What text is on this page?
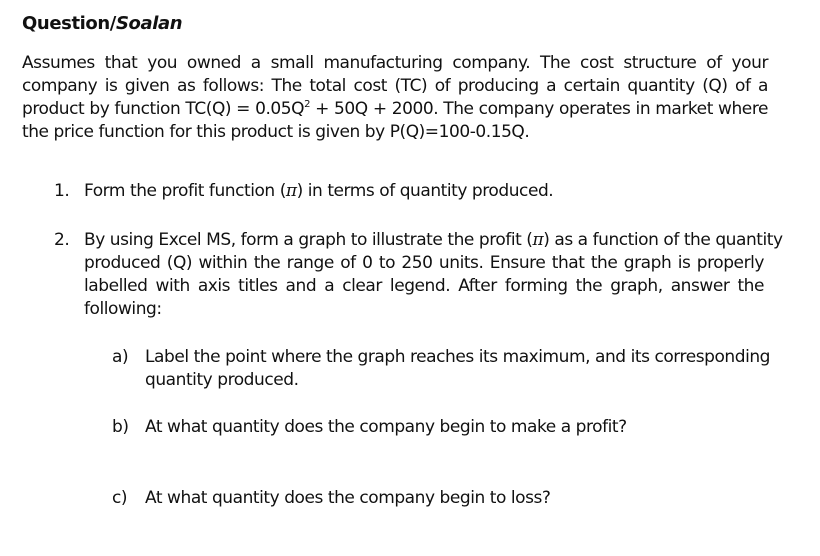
Question/Soalan
Assumes that you owned a small manufacturing company. The cost structure of your
company is given as follows: The total cost (TC) of producing a certain quantity (Q) of a
product by function $TC(Q) = 0.05Q^2 + 50Q + 2000$. The company operates in market where
the price function for this product is given by P(Q)=100-0.15Q.
1. Form the profit function (π) in terms of quantity produced.
2. By using Excel MS, form a graph to illustrate the profit (π) as a function of the quantity
produced (Q) within the range of 0 to 250 units. Ensure that the graph is properly
labelled with axis titles and a clear legend. After forming the graph, answer the
following:
a) Label the point where the graph reaches its maximum, and its corresponding
quantity produced.
b) At what quantity does the company begin to make a profit?
c) At what quantity does the company begin to loss?
